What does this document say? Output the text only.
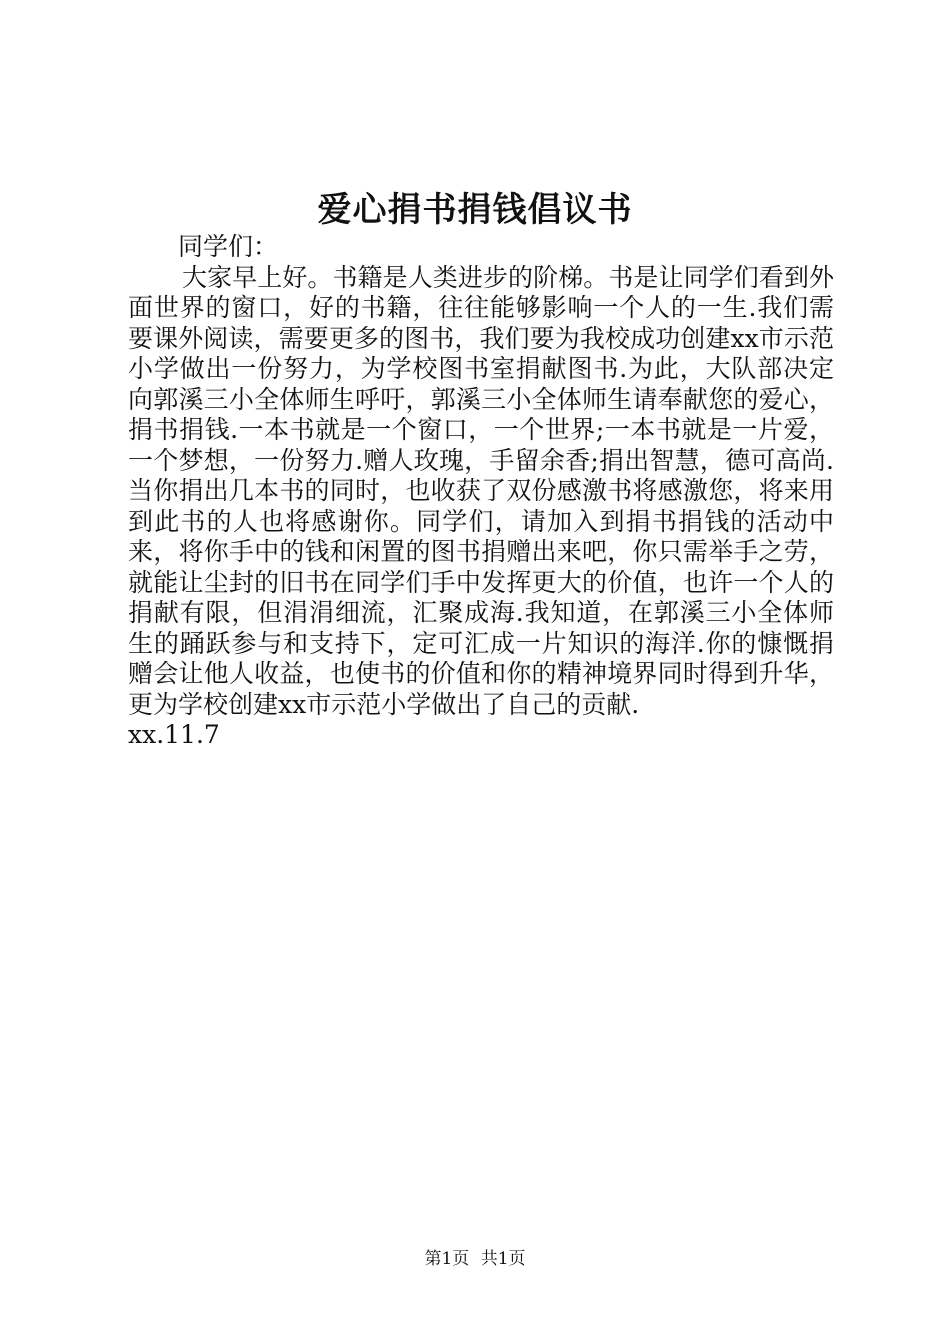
爱心捐书捐钱倡议书

同学们：

大家早上好。书籍是人类进步的阶梯。书是让同学们看到外面世界的窗口，好的书籍，往往能够影响一个人的一生.我们需要课外阅读，需要更多的图书，我们要为我校成功创建xx市示范小学做出一份努力，为学校图书室捐献图书.为此，大队部决定向郭溪三小全体师生呼吁，郭溪三小全体师生请奉献您的爱心，捐书捐钱.一本书就是一个窗口，一个世界;一本书就是一片爱，一个梦想，一份努力.赠人玫瑰，手留余香;捐出智慧，德可高尚.当你捐出几本书的同时，也收获了双份感激书将感激您，将来用到此书的人也将感谢你。同学们，请加入到捐书捐钱的活动中来，将你手中的钱和闲置的图书捐赠出来吧，你只需举手之劳，就能让尘封的旧书在同学们手中发挥更大的价值，也许一个人的捐献有限，但涓涓细流，汇聚成海.我知道，在郭溪三小全体师生的踊跃参与和支持下，定可汇成一片知识的海洋.你的慷慨捐赠会让他人收益，也使书的价值和你的精神境界同时得到升华，更为学校创建xx市示范小学做出了自己的贡献.

xx.11.7

第1页 共1页
